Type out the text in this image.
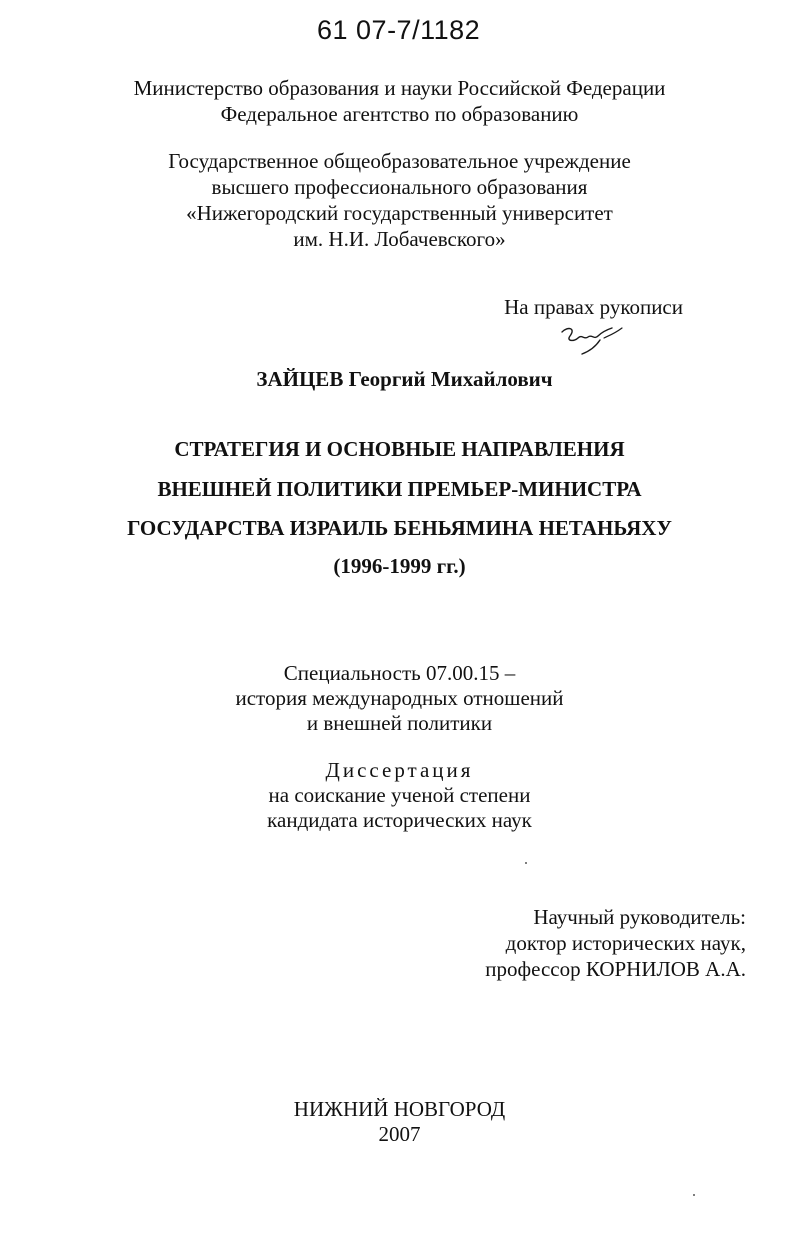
61 07-7/1182
Министерство образования и науки Российской Федерации
Федеральное агентство по образованию
Государственное общеобразовательное учреждение
высшего профессионального образования
«Нижегородский государственный университет
им. Н.И. Лобачевского»
На правах рукописи
ЗАЙЦЕВ Георгий Михайлович
СТРАТЕГИЯ И ОСНОВНЫЕ НАПРАВЛЕНИЯ
ВНЕШНЕЙ ПОЛИТИКИ ПРЕМЬЕР-МИНИСТРА
ГОСУДАРСТВА ИЗРАИЛЬ БЕНЬЯМИНА НЕТАНЬЯХУ
(1996-1999 гг.)
Специальность 07.00.15 –
история международных отношений
и внешней политики
Диссертация
на соискание ученой степени
кандидата исторических наук
Научный руководитель:
доктор исторических наук,
профессор КОРНИЛОВ А.А.
НИЖНИЙ НОВГОРОД
2007
